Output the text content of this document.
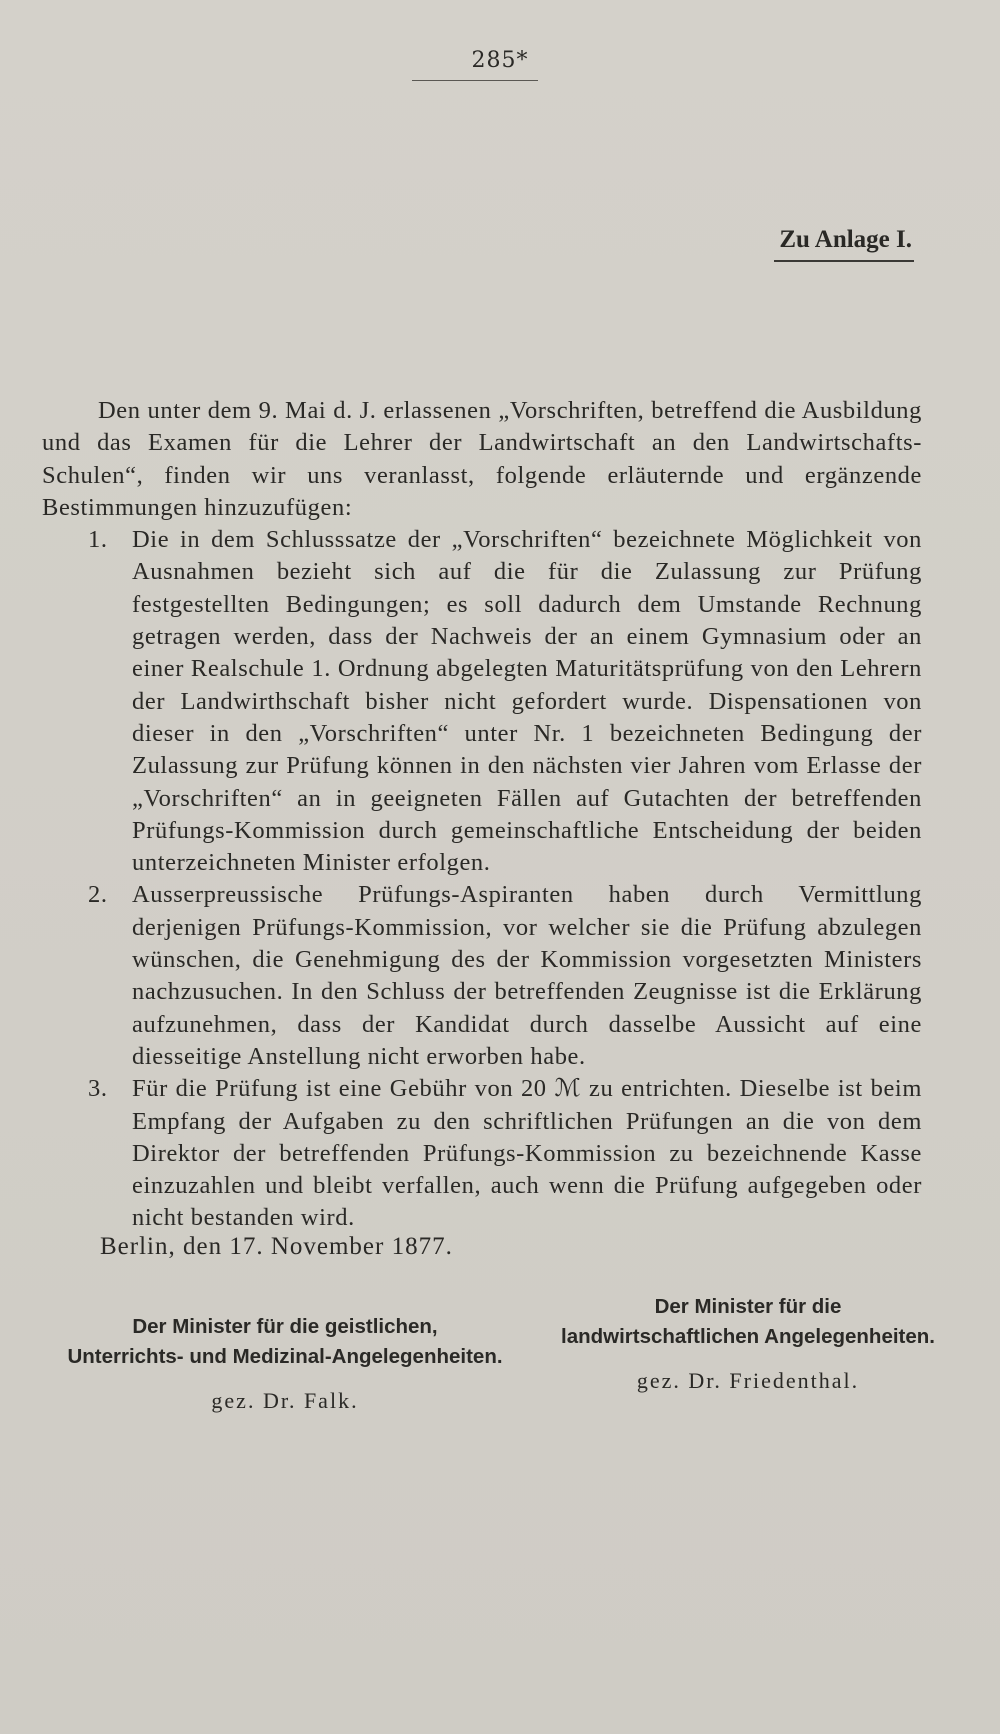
285*
Zu Anlage I.

Den unter dem 9. Mai d. J. erlassenen „Vorschriften, betreffend die Ausbildung und das Examen für die Lehrer der Landwirtschaft an den Landwirtschafts-Schulen“, finden wir uns veranlasst, folgende erläuternde und ergänzende Bestimmungen hinzuzufügen:

1. Die in dem Schlusssatze der „Vorschriften“ bezeichnete Möglichkeit von Ausnahmen bezieht sich auf die für die Zulassung zur Prüfung festgestellten Bedingungen; es soll dadurch dem Umstande Rechnung getragen werden, dass der Nachweis der an einem Gymnasium oder an einer Realschule 1. Ordnung abgelegten Maturitätsprüfung von den Lehrern der Landwirthschaft bisher nicht gefordert wurde. Dispensationen von dieser in den „Vorschriften“ unter Nr. 1 bezeichneten Bedingung der Zulassung zur Prüfung können in den nächsten vier Jahren vom Erlasse der „Vorschriften“ an in geeigneten Fällen auf Gutachten der betreffenden Prüfungs-Kommission durch gemeinschaftliche Entscheidung der beiden unterzeichneten Minister erfolgen.
2. Ausserpreussische Prüfungs-Aspiranten haben durch Vermittlung derjenigen Prüfungs-Kommission, vor welcher sie die Prüfung abzulegen wünschen, die Genehmigung des der Kommission vorgesetzten Ministers nachzusuchen. In den Schluss der betreffenden Zeugnisse ist die Erklärung aufzunehmen, dass der Kandidat durch dasselbe Aussicht auf eine diesseitige Anstellung nicht erworben habe.
3. Für die Prüfung ist eine Gebühr von 20 ℳ zu entrichten. Dieselbe ist beim Empfang der Aufgaben zu den schriftlichen Prüfungen an die von dem Direktor der betreffenden Prüfungs-Kommission zu bezeichnende Kasse einzuzahlen und bleibt verfallen, auch wenn die Prüfung aufgegeben oder nicht bestanden wird.
Berlin, den 17. November 1877.
Der Minister für die geistlichen,
Unterrichts- und Medizinal-Angelegenheiten.
gez. Dr. Falk.
Der Minister für die
landwirtschaftlichen Angelegenheiten.
gez. Dr. Friedenthal.
